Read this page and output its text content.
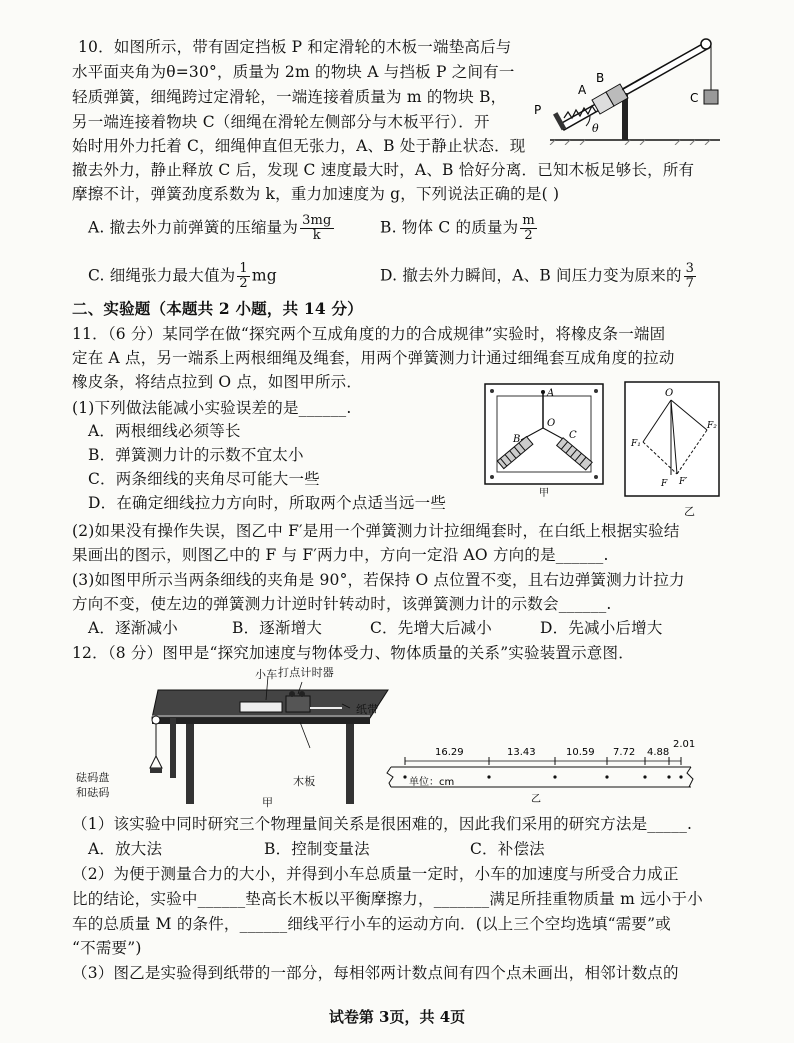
10．如图所示，带有固定挡板 P 和定滑轮的木板一端垫高后与
水平面夹角为θ=30°，质量为 2m 的物块 A 与挡板 P 之间有一
轻质弹簧，细绳跨过定滑轮，一端连接着质量为 m 的物块 B，
另一端连接着物块 C（细绳在滑轮左侧部分与木板平行）．开
始时用外力托着 C，细绳伸直但无张力，A、B 处于静止状态．现
撤去外力，静止释放 C 后，发现 C 速度最大时，A、B 恰好分离．已知木板足够长，所有
摩擦不计，弹簧劲度系数为 k，重力加速度为 g，下列说法正确的是( )
P
A
B
C
θ
A. 撤去外力前弹簧的压缩量为 $\frac{3mg}{k}$	B. 物体 C 的质量为 $\frac{m}{2}$
C. 细绳张力最大值为 $\frac{1}{2}$ mg	D. 撤去外力瞬间，A、B 间压力变为原来的 $\frac{3}{7}$
二、实验题（本题共 2 小题，共 14 分）
11．（6 分）某同学在做“探究两个互成角度的力的合成规律”实验时，将橡皮条一端固
定在 A 点，另一端系上两根细绳及绳套，用两个弹簧测力计通过细绳套互成角度的拉动
橡皮条，将结点拉到 O 点，如图甲所示．
(1)下列做法能减小实验误差的是______.
A．两根细线必须等长
B．弹簧测力计的示数不宜太小
C．两条细线的夹角尽可能大一些
D．在确定细线拉力方向时，所取两个点适当远一些
A
O
B	C
甲
O
F₁
F₂
F F′
乙
(2)如果没有操作失误，图乙中 F′是用一个弹簧测力计拉细绳套时，在白纸上根据实验结
果画出的图示，则图乙中的 F 与 F′两力中，方向一定沿 AO 方向的是______.
(3)如图甲所示当两条细线的夹角是 90°，若保持 O 点位置不变，且右边弹簧测力计拉力
方向不变，使左边的弹簧测力计逆时针转动时，该弹簧测力计的示数会______.
A．逐渐减小	B．逐渐增大	C．先增大后减小	D．先减小后增大
12．（8 分）图甲是“探究加速度与物体受力、物体质量的关系”实验装置示意图．
小车 打点计时器
纸带
砝码盘
和砝码
木板
甲
16.29	13.43	10.59 7.72 4.88
2.01
单位：cm
乙
（1）该实验中同时研究三个物理量间关系是很困难的，因此我们采用的研究方法是_____.
A．放大法	B．控制变量法	C．补偿法
（2）为便于测量合力的大小，并得到小车总质量一定时，小车的加速度与所受合力成正
比的结论，实验中______垫高长木板以平衡摩擦力，_______满足所挂重物质量 m 远小于小
车的总质量 M 的条件，______细线平行小车的运动方向．(以上三个空均选填“需要”或
“不需要”)
（3）图乙是实验得到纸带的一部分，每相邻两计数点间有四个点未画出，相邻计数点的
试卷第 3页，共 4页
